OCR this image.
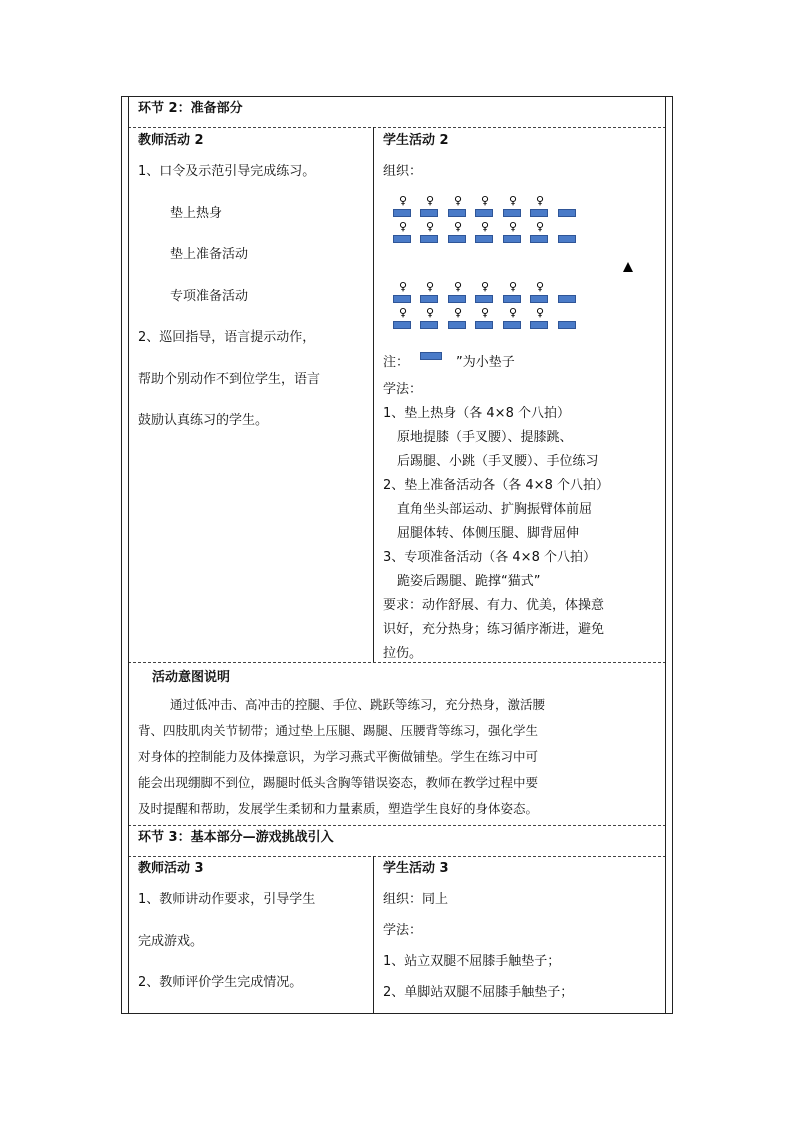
环节 2：准备部分
教师活动 2
1、口令及示范引导完成练习。
垫上热身
垫上准备活动
专项准备活动
2、巡回指导，语言提示动作，
帮助个别动作不到位学生，语言
鼓励认真练习的学生。
学生活动 2
组织：
♀ ♀ ♀ ♀ ♀ ♀
♀ ♀ ♀ ♀ ♀ ♀
♀ ♀ ♀ ♀ ♀ ♀
♀ ♀ ♀ ♀ ♀ ♀
注：	”为小垫子
学法：
1、垫上热身（各 4×8 个八拍）
原地提膝（手叉腰）、提膝跳、
后踢腿、小跳（手叉腰）、手位练习
2、垫上准备活动各（各 4×8 个八拍）
直角坐头部运动、扩胸振臂体前屈
屈腿体转、体侧压腿、脚背屈伸
3、专项准备活动（各 4×8 个八拍）
跪姿后踢腿、跪撑“猫式”
要求：动作舒展、有力、优美，体操意
识好，充分热身；练习循序渐进，避免
拉伤。
活动意图说明
通过低冲击、高冲击的控腿、手位、跳跃等练习，充分热身，激活腰
背、四肢肌肉关节韧带；通过垫上压腿、踢腿、压腰背等练习，强化学生
对身体的控制能力及体操意识，为学习燕式平衡做铺垫。学生在练习中可
能会出现绷脚不到位，踢腿时低头含胸等错误姿态，教师在教学过程中要
及时提醒和帮助，发展学生柔韧和力量素质，塑造学生良好的身体姿态。
环节 3：基本部分—游戏挑战引入
教师活动 3
1、教师讲动作要求，引导学生
完成游戏。
2、教师评价学生完成情况。
学生活动 3
组织：同上
学法：
1、站立双腿不屈膝手触垫子；
2、单脚站双腿不屈膝手触垫子；
